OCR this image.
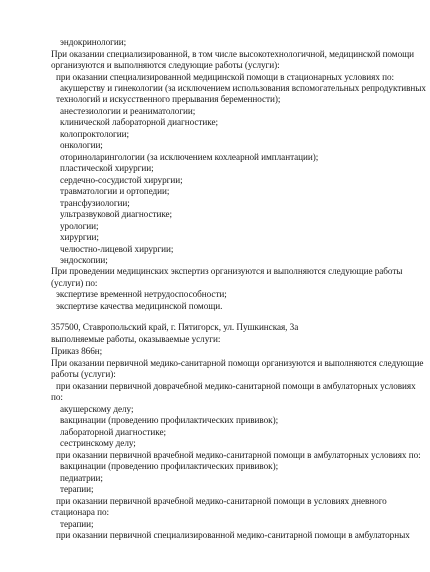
эндокринологии;
При оказании специализированной, в том числе высокотехнологичной, медицинской помощи
организуются и выполняются следующие работы (услуги):
при оказании специализированной медицинской помощи в стационарных условиях по:
акушерству и гинекологии (за исключением использования вспомогательных репродуктивных
технологий и искусственного прерывания беременности);
анестезиологии и реаниматологии;
клинической лабораторной диагностике;
колопроктологии;
онкологии;
оториноларингологии (за исключением кохлеарной имплантации);
пластической хирургии;
сердечно-сосудистой хирургии;
травматологии и ортопедии;
трансфузиологии;
ультразвуковой диагностике;
урологии;
хирургии;
челюстно-лицевой хирургии;
эндоскопии;
При проведении медицинских экспертиз организуются и выполняются следующие работы
(услуги) по:
экспертизе временной нетрудоспособности;
экспертизе качества медицинской помощи.
357500, Ставропольский край, г. Пятигорск, ул. Пушкинская, 3а
выполняемые работы, оказываемые услуги:
Приказ 866н;
При оказании первичной медико-санитарной помощи организуются и выполняются следующие
работы (услуги):
при оказании первичной доврачебной медико-санитарной помощи в амбулаторных условиях
по:
акушерскому делу;
вакцинации (проведению профилактических прививок);
лабораторной диагностике;
сестринскому делу;
при оказании первичной врачебной медико-санитарной помощи в амбулаторных условиях по:
вакцинации (проведению профилактических прививок);
педиатрии;
терапии;
при оказании первичной врачебной медико-санитарной помощи в условиях дневного
стационара по:
терапии;
при оказании первичной специализированной медико-санитарной помощи в амбулаторных
